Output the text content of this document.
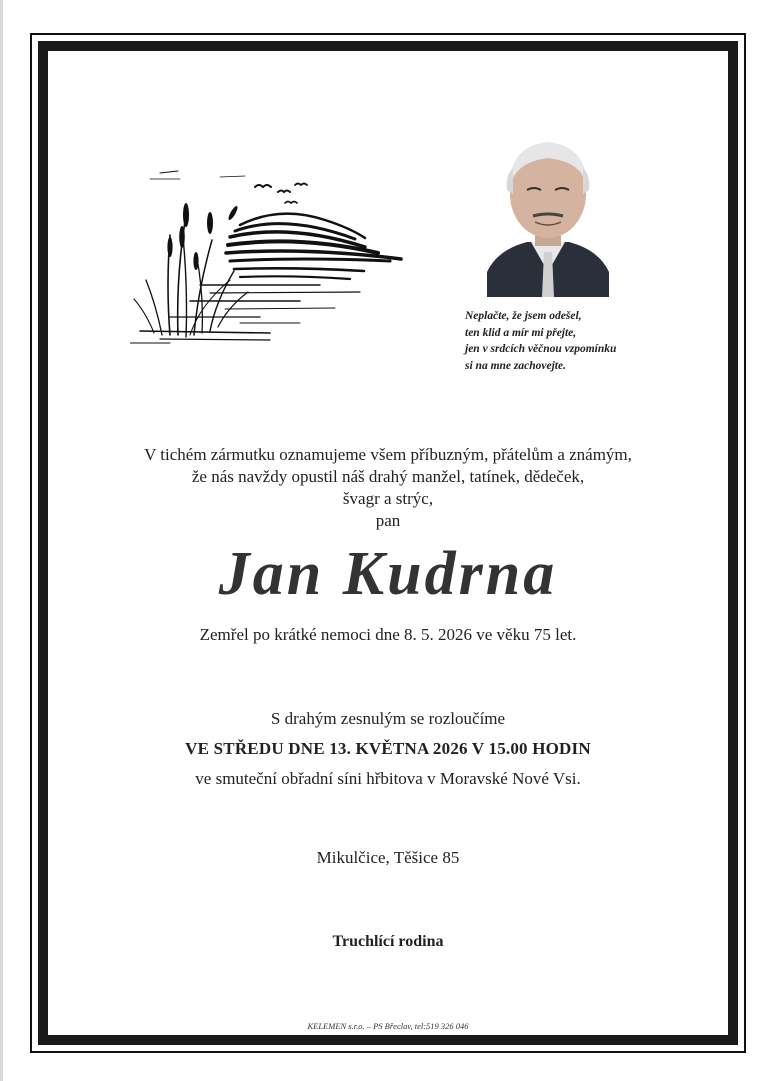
Neplačte, že jsem odešel,
ten klid a mír mi přejte,
jen v srdcích věčnou vzpomínku
si na mne zachovejte.
V tichém zármutku oznamujeme všem příbuzným, přátelům a známým,
že nás navždy opustil náš drahý manžel, tatínek, dědeček,
švagr a strýc,
pan
Jan Kudrna
Zemřel po krátké nemoci dne 8. 5. 2026 ve věku 75 let.
S drahým zesnulým se rozloučíme
VE STŘEDU DNE 13. KVĚTNA 2026 V 15.00 HODIN
ve smuteční obřadní síni hřbitova v Moravské Nové Vsi.
Mikulčice, Těšice 85
Truchlící rodina
KELEMEN s.r.o. – PS Břeclav, tel:519 326 046
